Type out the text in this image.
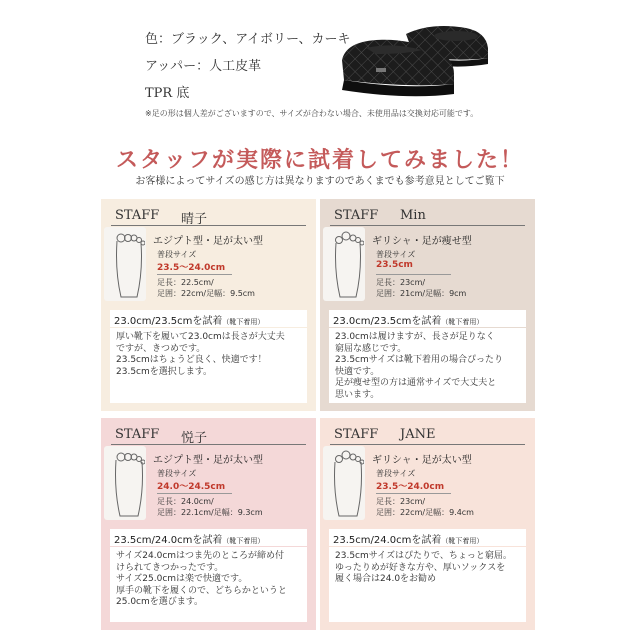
色：ブラック、アイボリー、カーキ
アッパー：人工皮革
TPR 底
※足の形は個人差がございますので、サイズが合わない場合、未使用品は交換対応可能です。
スタッフが実際に試着してみました！
お客様によってサイズの感じ方は異なりますのであくまでも参考意見としてご覧下
STAFF 晴子
エジプト型・足が太い型
普段サイズ
23.5～24.0cm
足長：22.5cm/
足囲：22cm/足幅：9.5cm
23.0cm/23.5cmを試着（靴下着用）
厚い靴下を履いて23.0cmは長さが大丈夫
ですが、きつめです。
23.5cmはちょうど良く、快適です！
23.5cmを選択します。
STAFF Min
ギリシャ・足が痩せ型
普段サイズ
23.5cm
足長：23cm/
足囲：21cm/足幅：9cm
23.0cm/23.5cmを試着（靴下着用）
23.0cmは履けますが、長さが足りなく
窮屈な感じです。
23.5cmサイズは靴下着用の場合ぴったり
快適です。
足が痩せ型の方は通常サイズで大丈夫と
思います。
STAFF 悦子
エジプト型・足が太い型
普段サイズ
24.0～24.5cm
足長：24.0cm/
足囲：22.1cm/足幅：9.3cm
23.5cm/24.0cmを試着（靴下着用）
サイズ24.0cmはつま先のところが締め付
けられてきつかったです。
サイズ25.0cmは楽で快適です。
厚手の靴下を履くので、どちらかというと
25.0cmを選びます。
STAFF JANE
ギリシャ・足が太い型
普段サイズ
23.5～24.0cm
足長：23cm/
足囲：22cm/足幅：9.4cm
23.5cm/24.0cmを試着（靴下着用）
23.5cmサイズはぴたりで、ちょっと窮屈。
ゆったりめが好きな方や、厚いソックスを
履く場合は24.0をお勧め
